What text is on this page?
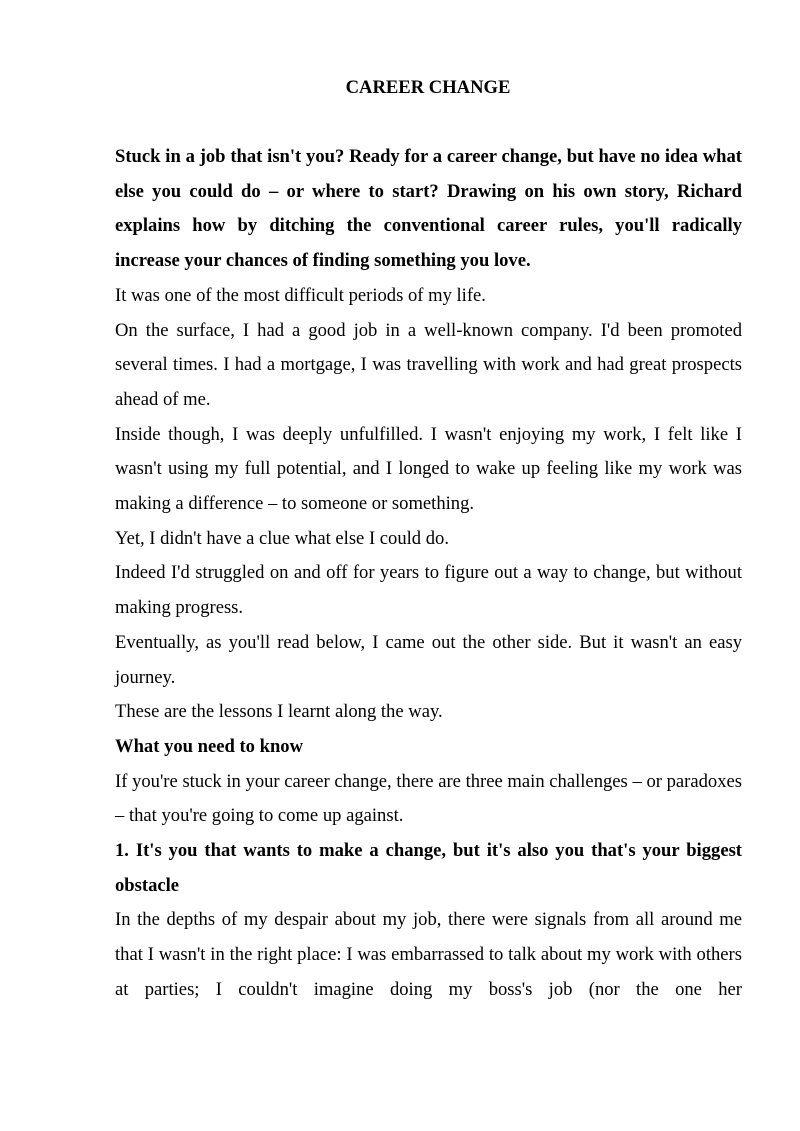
CAREER CHANGE

Stuck in a job that isn't you? Ready for a career change, but have no idea what else you could do – or where to start? Drawing on his own story, Richard explains how by ditching the conventional career rules, you'll radically increase your chances of finding something you love.

It was one of the most difficult periods of my life.

On the surface, I had a good job in a well-known company. I'd been promoted several times. I had a mortgage, I was travelling with work and had great prospects ahead of me.

Inside though, I was deeply unfulfilled. I wasn't enjoying my work, I felt like I wasn't using my full potential, and I longed to wake up feeling like my work was making a difference – to someone or something.

Yet, I didn't have a clue what else I could do.

Indeed I'd struggled on and off for years to figure out a way to change, but without making progress.

Eventually, as you'll read below, I came out the other side. But it wasn't an easy journey.

These are the lessons I learnt along the way.

What you need to know

If you're stuck in your career change, there are three main challenges – or paradoxes – that you're going to come up against.

1. It's you that wants to make a change, but it's also you that's your biggest obstacle

In the depths of my despair about my job, there were signals from all around me that I wasn't in the right place: I was embarrassed to talk about my work with others at parties; I couldn't imagine doing my boss's job (nor the one her
